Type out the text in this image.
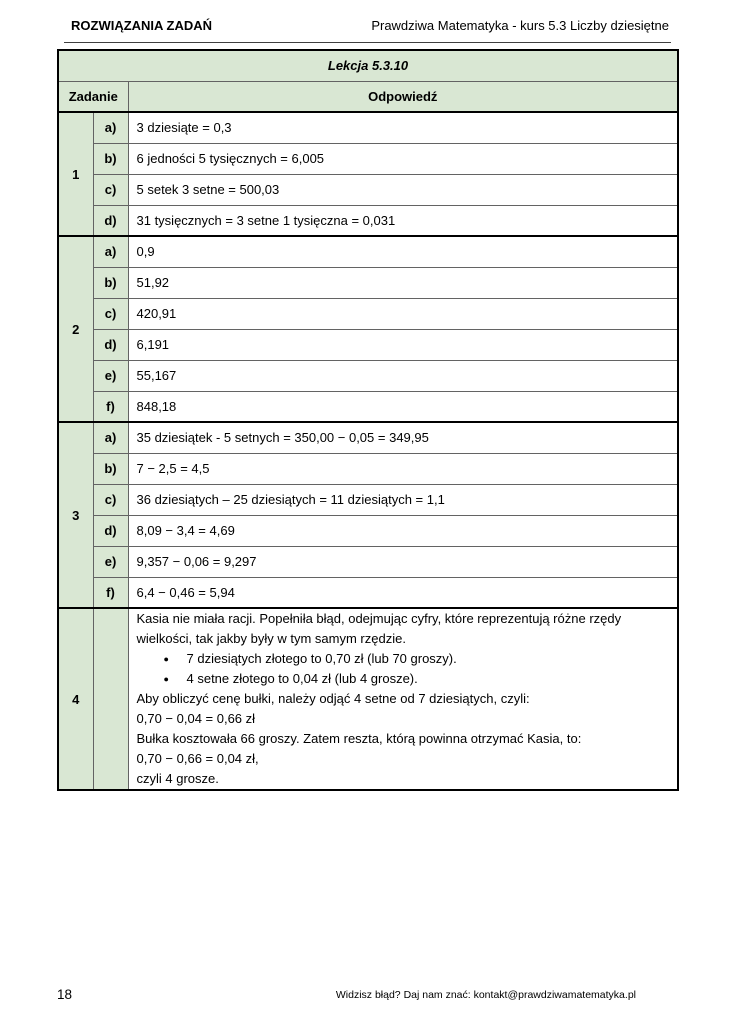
ROZWIĄZANIA ZADAŃ	Prawdziwa Matematyka - kurs 5.3 Liczby dziesiętne
Lekcja 5.3.10		
Zadanie		Odpowiedź
1	a)	3 dziesiąte = 0,3
	b)	6 jedności 5 tysięcznych = 6,005
	c)	5 setek 3 setne = 500,03
	d)	31 tysięcznych = 3 setne 1 tysięczna = 0,031
2	a)	0,9
	b)	51,92
	c)	420,91
	d)	6,191
	e)	55,167
	f)	848,18
3	a)	35 dziesiątek - 5 setnych = 350,00 − 0,05 = 349,95
	b)	7 − 2,5 = 4,5
	c)	36 dziesiątych – 25 dziesiątych = 11 dziesiątych = 1,1
	d)	8,09 − 3,4 = 4,69
	e)	9,357 − 0,06 = 9,297
	f)	6,4 − 0,46 = 5,94
4		
Kasia nie miała racji. Popełniła błąd, odejmując cyfry, które reprezentują różne rzędy wielkości, tak jakby były w tym samym rzędzie.
● 7 dziesiątych złotego to 0,70 zł (lub 70 groszy).
● 4 setne złotego to 0,04 zł (lub 4 grosze).
Aby obliczyć cenę bułki, należy odjąć 4 setne od 7 dziesiątych, czyli:
0,70 − 0,04 = 0,66 zł
Bułka kosztowała 66 groszy. Zatem reszta, którą powinna otrzymać Kasia, to:
0,70 − 0,66 = 0,04 zł,
czyli 4 grosze.
18	Widzisz błąd? Daj nam znać: kontakt@prawdziwamatematyka.pl
